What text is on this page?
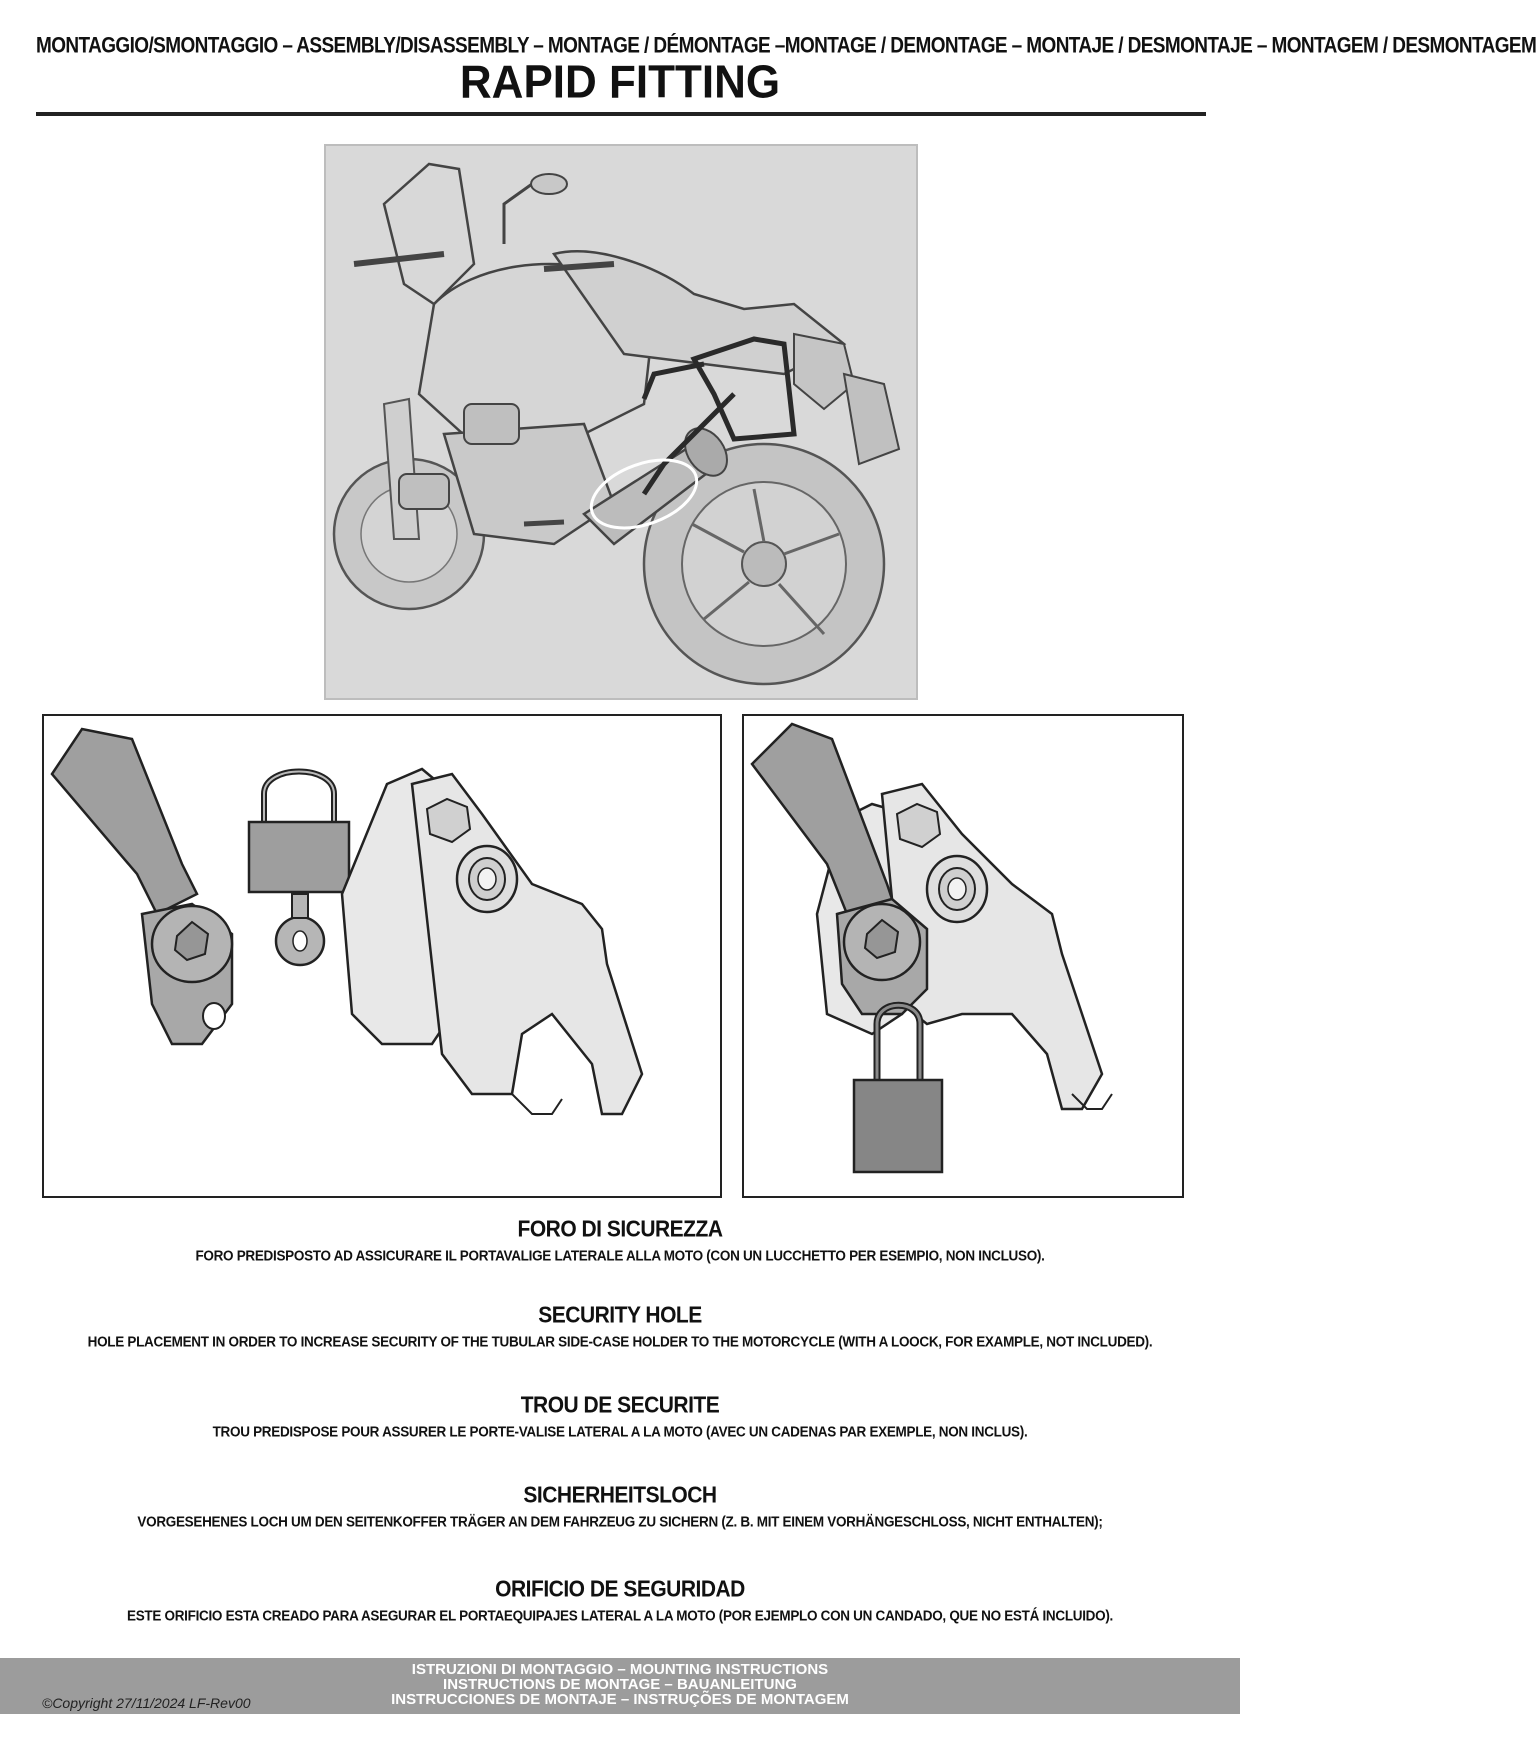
MONTAGGIO/SMONTAGGIO – ASSEMBLY/DISASSEMBLY – MONTAGE / DÉMONTAGE –MONTAGE / DEMONTAGE – MONTAJE / DESMONTAJE – MONTAGEM / DESMONTAGEM
RAPID FITTING
FORO DI SICUREZZA
FORO PREDISPOSTO AD ASSICURARE IL PORTAVALIGE LATERALE ALLA MOTO (CON UN LUCCHETTO PER ESEMPIO, NON INCLUSO).
SECURITY HOLE
HOLE PLACEMENT IN ORDER TO INCREASE SECURITY OF THE TUBULAR SIDE-CASE HOLDER TO THE MOTORCYCLE (WITH A LOOCK, FOR EXAMPLE, NOT INCLUDED).
TROU DE SECURITE
TROU PREDISPOSE POUR ASSURER LE PORTE-VALISE LATERAL A LA MOTO (AVEC UN CADENAS PAR EXEMPLE, NON INCLUS).
SICHERHEITSLOCH
VORGESEHENES LOCH UM DEN SEITENKOFFER TRÄGER AN DEM FAHRZEUG ZU SICHERN (Z. B. MIT EINEM VORHÄNGESCHLOSS, NICHT ENTHALTEN);
ORIFICIO DE SEGURIDAD
ESTE ORIFICIO ESTA CREADO PARA ASEGURAR EL PORTAEQUIPAJES LATERAL A LA MOTO (POR EJEMPLO CON UN CANDADO, QUE NO ESTÁ INCLUIDO).
ISTRUZIONI DI MONTAGGIO – MOUNTING INSTRUCTIONS
INSTRUCTIONS DE MONTAGE – BAUANLEITUNG
INSTRUCCIONES DE MONTAJE – INSTRUÇÕES DE MONTAGEM
©Copyright 27/11/2024 LF-Rev00
